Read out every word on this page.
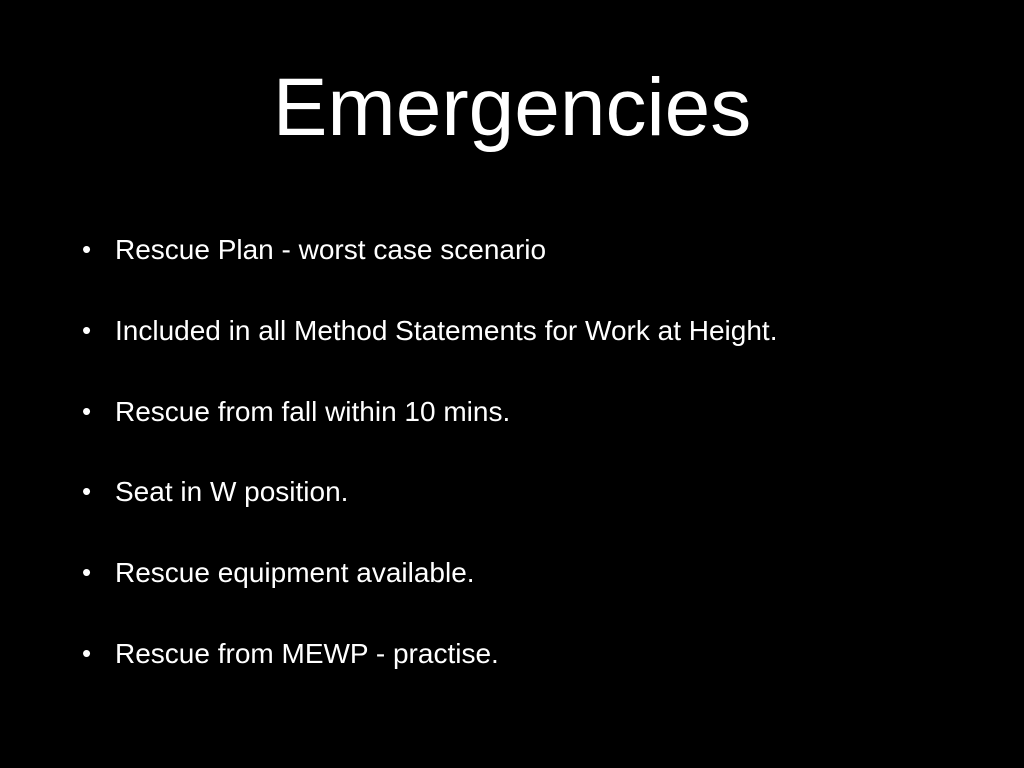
Emergencies
• Rescue Plan - worst case scenario
• Included in all Method Statements for Work at Height.
• Rescue from fall within 10 mins.
• Seat in W position.
• Rescue equipment available.
• Rescue from MEWP - practise.
